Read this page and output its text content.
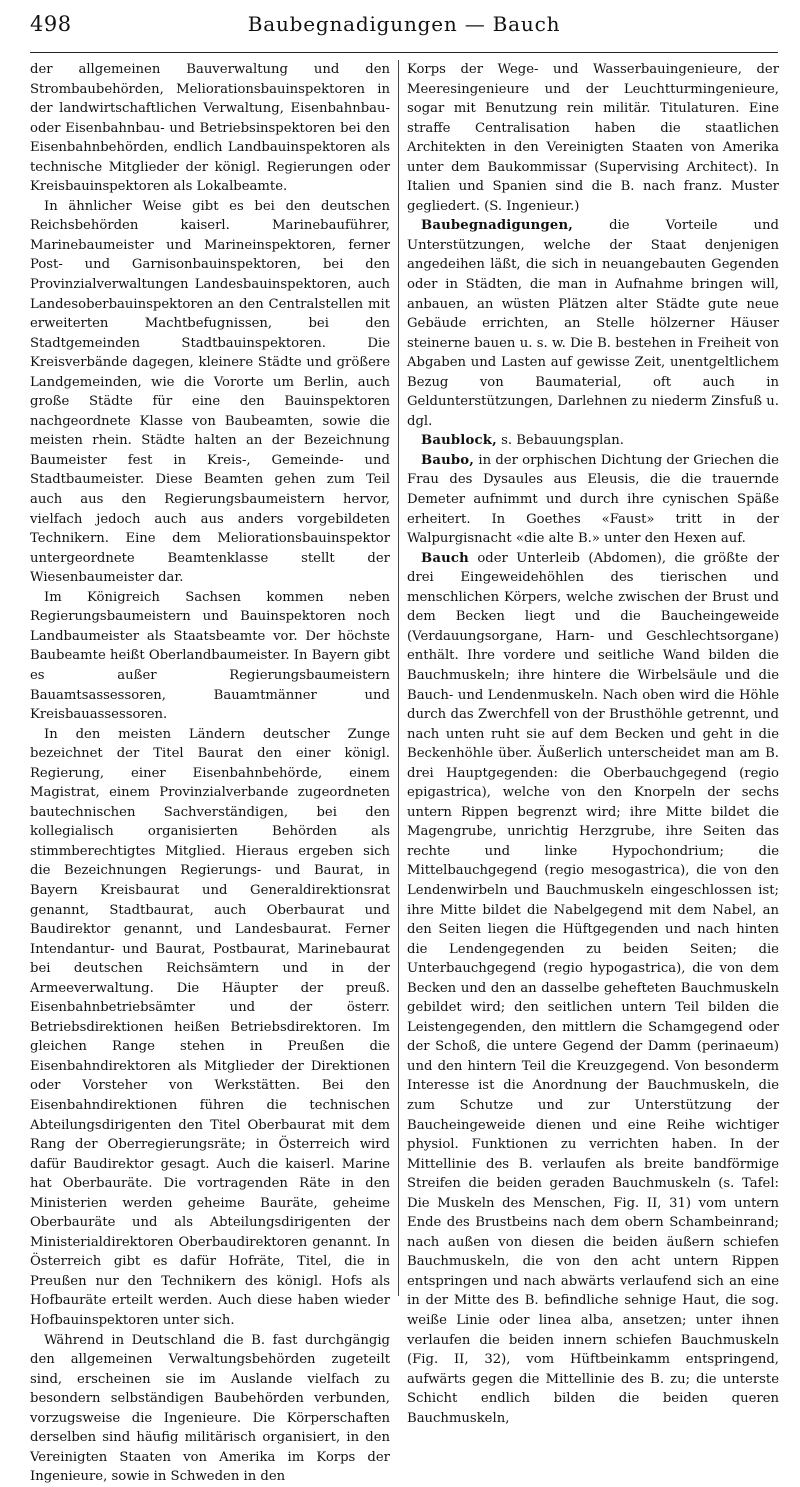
498	Baubegnadigungen — Bauch

der allgemeinen Bauverwaltung und den Strombaubehörden, Meliorationsbauinspektoren in der landwirtschaftlichen Verwaltung, Eisenbahnbau- oder Eisenbahnbau- und Betriebsinspektoren bei den Eisenbahnbehörden, endlich Landbauinspektoren als technische Mitglieder der königl. Regierungen oder Kreisbauinspektoren als Lokalbeamte.

In ähnlicher Weise gibt es bei den deutschen Reichsbehörden kaiserl. Marinebauführer, Marinebaumeister und Marineinspektoren, ferner Post- und Garnisonbauinspektoren, bei den Provinzialverwaltungen Landesbauinspektoren, auch Landesoberbauinspektoren an den Centralstellen mit erweiterten Machtbefugnissen, bei den Stadtgemeinden Stadtbauinspektoren. Die Kreisverbände dagegen, kleinere Städte und größere Landgemeinden, wie die Vororte um Berlin, auch große Städte für eine den Bauinspektoren nachgeordnete Klasse von Baubeamten, sowie die meisten rhein. Städte halten an der Bezeichnung Baumeister fest in Kreis-, Gemeinde- und Stadtbaumeister. Diese Beamten gehen zum Teil auch aus den Regierungsbaumeistern hervor, vielfach jedoch auch aus anders vorgebildeten Technikern. Eine dem Meliorationsbauinspektor untergeordnete Beamtenklasse stellt der Wiesenbaumeister dar.

Im Königreich Sachsen kommen neben Regierungsbaumeistern und Bauinspektoren noch Landbaumeister als Staatsbeamte vor. Der höchste Baubeamte heißt Oberlandbaumeister. In Bayern gibt es außer Regierungsbaumeistern Bauamtsassessoren, Bauamtmänner und Kreisbauassessoren.

In den meisten Ländern deutscher Zunge bezeichnet der Titel Baurat den einer königl. Regierung, einer Eisenbahnbehörde, einem Magistrat, einem Provinzialverbande zugeordneten bautechnischen Sachverständigen, bei den kollegialisch organisierten Behörden als stimmberechtigtes Mitglied. Hieraus ergeben sich die Bezeichnungen Regierungs- und Baurat, in Bayern Kreisbaurat und Generaldirektionsrat genannt, Stadtbaurat, auch Oberbaurat und Baudirektor genannt, und Landesbaurat. Ferner Intendantur- und Baurat, Postbaurat, Marinebaurat bei deutschen Reichsämtern und in der Armeeverwaltung. Die Häupter der preuß. Eisenbahnbetriebsämter und der österr. Betriebsdirektionen heißen Betriebsdirektoren. Im gleichen Range stehen in Preußen die Eisenbahndirektoren als Mitglieder der Direktionen oder Vorsteher von Werkstätten. Bei den Eisenbahndirektionen führen die technischen Abteilungsdirigenten den Titel Oberbaurat mit dem Rang der Oberregierungsräte; in Österreich wird dafür Baudirektor gesagt. Auch die kaiserl. Marine hat Oberbauräte. Die vortragenden Räte in den Ministerien werden geheime Bauräte, geheime Oberbauräte und als Abteilungsdirigenten der Ministerialdirektoren Oberbaudirektoren genannt. In Österreich gibt es dafür Hofräte, Titel, die in Preußen nur den Technikern des königl. Hofs als Hofbauräte erteilt werden. Auch diese haben wieder Hofbauinspektoren unter sich.

Während in Deutschland die B. fast durchgängig den allgemeinen Verwaltungsbehörden zugeteilt sind, erscheinen sie im Auslande vielfach zu besondern selbständigen Baubehörden verbunden, vorzugsweise die Ingenieure. Die Körperschaften derselben sind häufig militärisch organisiert, in den Vereinigten Staaten von Amerika im Korps der Ingenieure, sowie in Schweden in den

Korps der Wege- und Wasserbauingenieure, der Meeresingenieure und der Leuchtturmingenieure, sogar mit Benutzung rein militär. Titulaturen. Eine straffe Centralisation haben die staatlichen Architekten in den Vereinigten Staaten von Amerika unter dem Baukommissar (Supervising Architect). In Italien und Spanien sind die B. nach franz. Muster gegliedert. (S. Ingenieur.)

Baubegnadigungen,	die Vorteile und Unterstützungen, welche der Staat denjenigen angedeihen läßt, die sich in neuangebauten Gegenden oder in Städten, die man in Aufnahme bringen will, anbauen, an wüsten Plätzen alter Städte gute neue Gebäude errichten, an Stelle hölzerner Häuser steinerne bauen u. s. w. Die B. bestehen in Freiheit von Abgaben und Lasten auf gewisse Zeit, unentgeltlichem Bezug von Baumaterial, oft auch in Geldunterstützungen, Darlehnen zu niederm Zinsfuß u. dgl.

Baublock, s. Bebauungsplan.

Baubo, in der orphischen Dichtung der Griechen die Frau des Dysaules aus Eleusis, die die trauernde Demeter aufnimmt und durch ihre cynischen Späße erheitert. In Goethes «Faust» tritt in der Walpurgisnacht «die alte B.» unter den Hexen auf.

Bauch oder Unterleib (Abdomen), die größte der drei Eingeweidehöhlen des tierischen und menschlichen Körpers, welche zwischen der Brust und dem Becken liegt und die Baucheingeweide (Verdauungsorgane, Harn- und Geschlechtsorgane) enthält. Ihre vordere und seitliche Wand bilden die Bauchmuskeln; ihre hintere die Wirbelsäule und die Bauch- und Lendenmuskeln. Nach oben wird die Höhle durch das Zwerchfell von der Brusthöhle getrennt, und nach unten ruht sie auf dem Becken und geht in die Beckenhöhle über. Äußerlich unterscheidet man am B. drei Hauptgegenden: die Oberbauchgegend (regio epigastrica), welche von den Knorpeln der sechs untern Rippen begrenzt wird; ihre Mitte bildet die Magengrube, unrichtig Herzgrube, ihre Seiten das rechte und linke Hypochondrium; die Mittelbauchgegend (regio mesogastrica), die von den Lendenwirbeln und Bauchmuskeln eingeschlossen ist; ihre Mitte bildet die Nabelgegend mit dem Nabel, an den Seiten liegen die Hüftgegenden und nach hinten die Lendengegenden zu beiden Seiten; die Unterbauchgegend (regio hypogastrica), die von dem Becken und den an dasselbe gehefteten Bauchmuskeln gebildet wird; den seitlichen untern Teil bilden die Leistengegenden, den mittlern die Schamgegend oder der Schoß, die untere Gegend der Damm (perinaeum) und den hintern Teil die Kreuzgegend. Von besonderm Interesse ist die Anordnung der Bauchmuskeln, die zum Schutze und zur Unterstützung der Baucheingeweide dienen und eine Reihe wichtiger physiol. Funktionen zu verrichten haben. In der Mittellinie des B. verlaufen als breite bandförmige Streifen die beiden geraden Bauchmuskeln (s. Tafel: Die Muskeln des Menschen, Fig. II, 31) vom untern Ende des Brustbeins nach dem obern Schambeinrand; nach außen von diesen die beiden äußern schiefen Bauchmuskeln, die von den acht untern Rippen entspringen und nach abwärts verlaufend sich an eine in der Mitte des B. befindliche sehnige Haut, die sog. weiße Linie oder linea alba, ansetzen; unter ihnen verlaufen die beiden innern schiefen Bauchmuskeln (Fig. II, 32), vom Hüftbeinkamm entspringend, aufwärts gegen die Mittellinie des B. zu; die unterste Schicht endlich bilden die beiden queren Bauchmuskeln,
